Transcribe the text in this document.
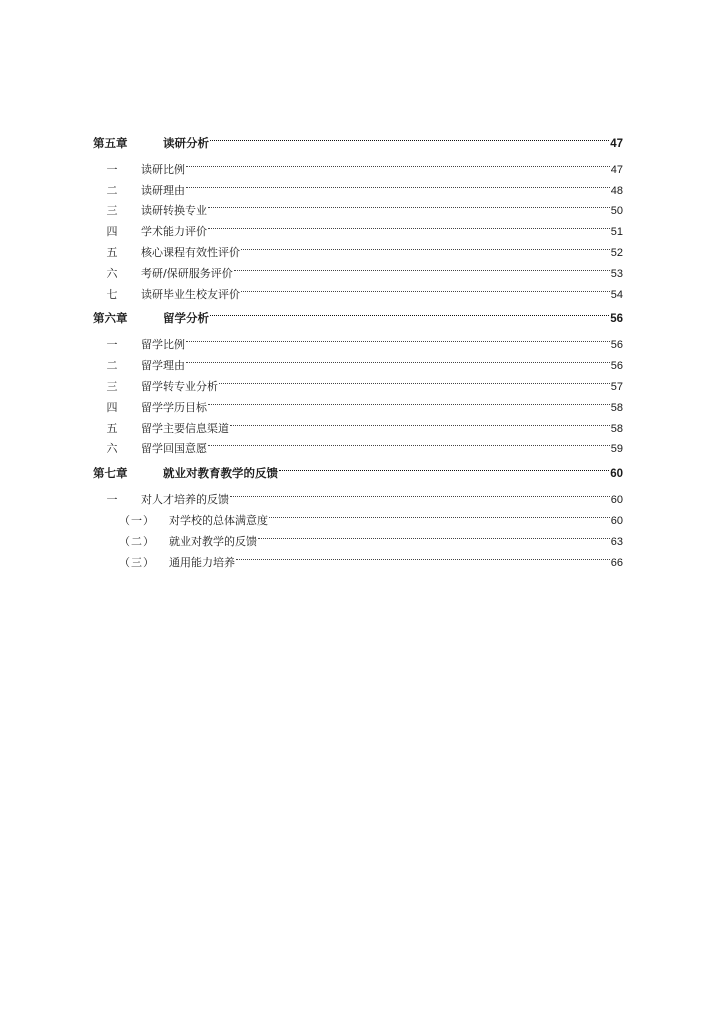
第五章	读研分析	47
一	读研比例	47
二	读研理由	48
三	读研转换专业	50
四	学术能力评价	51
五	核心课程有效性评价	52
六	考研/保研服务评价	53
七	读研毕业生校友评价	54
第六章	留学分析	56
一	留学比例	56
二	留学理由	56
三	留学转专业分析	57
四	留学学历目标	58
五	留学主要信息渠道	58
六	留学回国意愿	59
第七章	就业对教育教学的反馈	60
一	对人才培养的反馈	60
（一）	对学校的总体满意度	60
（二）	就业对教学的反馈	63
（三）	通用能力培养	66
